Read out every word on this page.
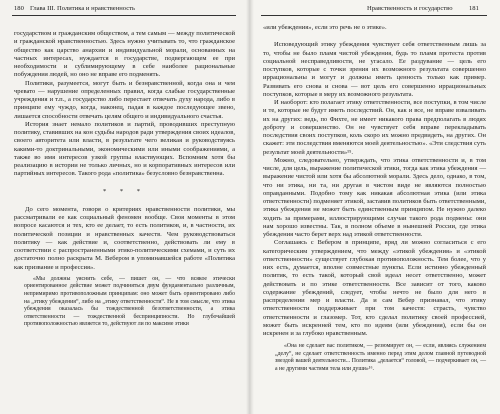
180 Глава III. Политика и нравственность

государством и гражданским обществом, а тем самым — между политической и гражданской нравственностью. Здесь нужно учитывать то, что гражданское общество как царство анархии и индивидуальной морали, основанных на частных интересах, нуждается в государстве, подвергающем ее при необходимости и сублимирующему в себе наиболее рациональные побуждения людей, но оно не вправе его подменять.

Политики, разумеется, могут быть и безнравственной, когда она и чем чревато — нарушение определенных правил, когда слабые государственные учреждения и т.п., а государство либо перестает отвечать духу народа, либо в принципе ему чуждо, когда, наконец, падая в каждое последующее звено, лишается способности отвечать целям общего и индивидуального счастья.

История знает немало политиков и партий, проводивших преступную политику, ставивших на кон судьбы народов ради утверждения своих идеалов, своего авторитета или власти, в результате чего великая и руководствуясь какими-то доктринальными, экономическими или иными соображениями, а также во имя интересов узкой группы властвующих. Вспомним хотя бы реализацию в истории не только личных, но и корпоративных интересов или партийных интересов. Такого рода «политика» безусловно безнравственна.

* * *

До сего момента, говоря о критериях нравственности политики, мы рассматривали ее как социальный феномен вообще. Своя моменты в этом вопросе касаются и тех, кто ее делает, то есть политиков, и, в частности, их политической позиции и нравственных качеств. Чем руководствоваться политику — как действие и, соответственно, действовать ли ему в соответствии с распространенными этико-политическими схемами, и суть их достаточно полно раскрыта М. Вебером в упоминавшейся работе «Политика как призвание и профессия».

«Мы должны уяснить себе, — пишет он, — что всякое этически ориентированное действие может подчиняться двум фундаментально различным, непримиримо противоположным принципам: оно может быть ориентировано либо на „этику убеждения“, либо на „этику ответственности“. Не в том смысле, что этика убеждения оказалась бы тождественной безответственности, а этика ответственности — тождественной беспринципности. Но глубочайшей противоположностью является то, действуют ли по максиме этики
Нравственность и государство 181

«или убеждения», если это речь не о этике».

Исповедующий этику убеждения чувствует себя ответственным лишь за то, чтобы не было пламя чистой убеждения, будь то пламя протеста против социальной несправедливости, не угасало. Ее раздувание — цель его поступков, которые с точки зрения их возможного результата совершенно иррациональны и могут и должны иметь ценность только как пример. Развивать его снова и снова — вот цель его совершенно иррациональных поступков, которые в меру их возможного результата.

И наоборот: кто полагает этику ответственности, все поступки, в том числе и те, которые не будут иметь последствий. Он, как и все, не вправе взваливать их на других: ведь, по Фихте, не имеет никакого права предполагать в людях доброту и совершенство. Он не чувствует себя вправе перекладывать последствия своих поступков, коль скоро их можно предвидеть, на других. Он скажет: эти последствия вменяются моей деятельностью». «Эти следствия суть результат моей деятельности»¹⁵.

Можно, следовательно, утверждать, что этика ответственности и, в том числе, для цель, выражение политической этики, тогда как этика убеждения — выражение чистой или хотя бы абсолютной морали. Здесь дело, однако, в том, что ни этика, ни та, ни другая в чистом виде не являются полностью оправданными. Подобно тому как никакая абсолютная этика (или этика ответственности) подменяет этикой, заставив политиков быть ответственными, этика убеждения не может быть единственным принципом. Не нужно далеко ходить за примерами, иллюстрирующими случаи такого рода подмены: они нам хорошо известны. Так, в полном объеме в нынешней России, где этика убеждения часто берет верх над этикой ответственности.

Соглашаясь с Вебером в принципе, вряд ли можно согласиться с его категорическим утверждением, что между «этикой убеждения» и «этикой ответственности» существует глубокая противоположность. Тем более, что у них есть, думается, вполне совместные пункты. Если истинно убежденный политик, то есть такой, который свой идеал несет ответственно, может действовать и по этике ответственности. Все зависит от того, каково содержание убеждений, следует, чтобы нечто не было для него в распределении мер и власти. Да и сам Вебер признавал, что этику ответственности поддерживает при том качеств: страсть, чувство ответственности и глазомер. Тот, кто сделал политику своей профессией, может быть искренней тем, кто по идеям (или убеждения), если бы он искренен и за глубоко нравственным.

«Она не сделает вас политиком, — резюмирует он, — если, являясь служением „делу“, не сделает ответственность именно перед этим делом главной путеводной звездой вашей деятельности... Политика „делается“ головой, — подчеркивает он, — а не другими частями тела или души»¹⁶.
